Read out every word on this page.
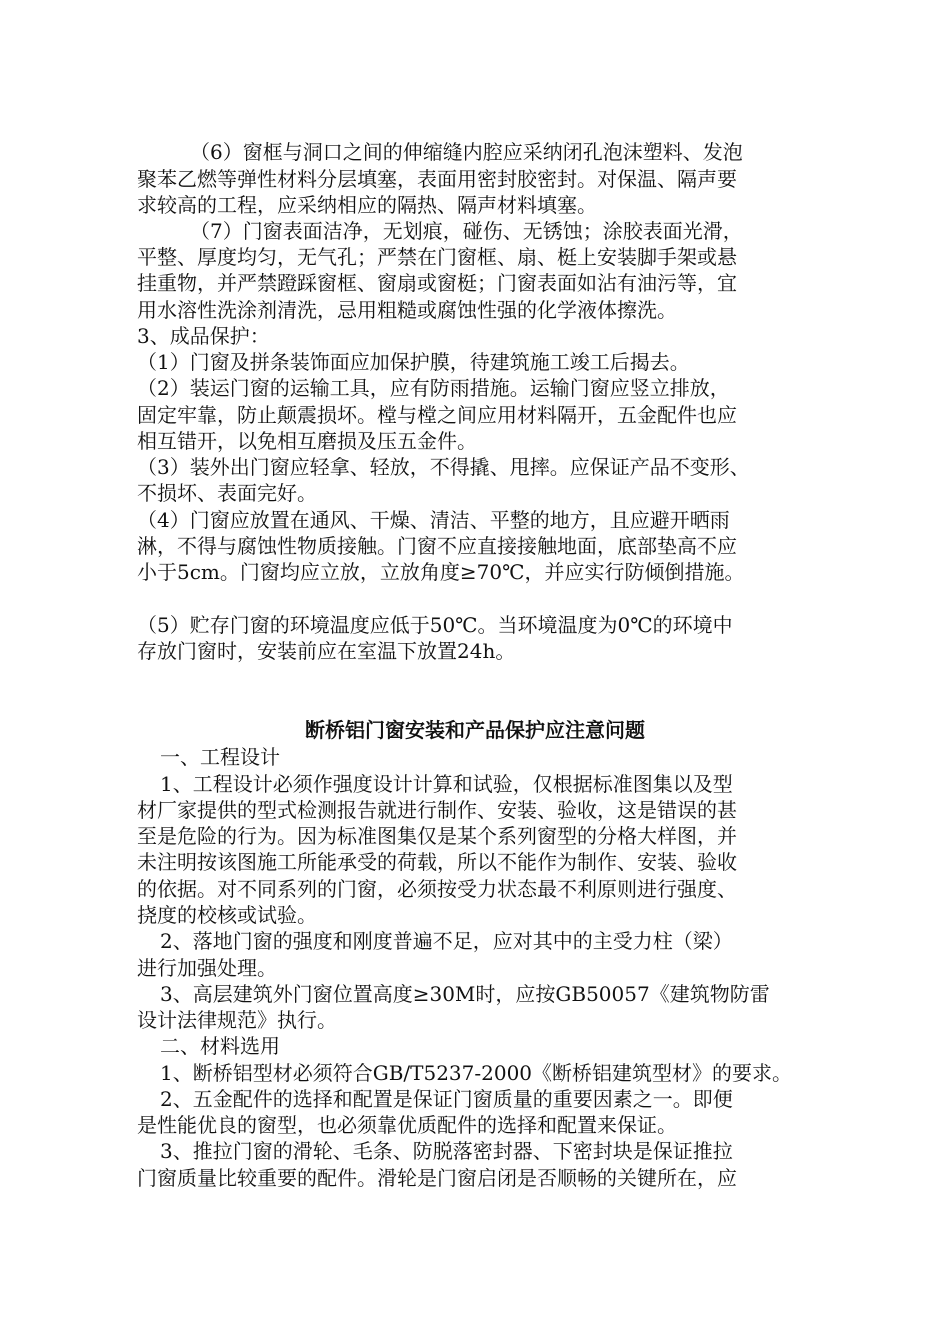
（6）窗框与洞口之间的伸缩缝内腔应采纳闭孔泡沫塑料、发泡
聚苯乙燃等弹性材料分层填塞，表面用密封胶密封。对保温、隔声要
求较高的工程，应采纳相应的隔热、隔声材料填塞。
（7）门窗表面洁净，无划痕，碰伤、无锈蚀；涂胶表面光滑，
平整、厚度均匀，无气孔；严禁在门窗框、扇、梃上安装脚手架或悬
挂重物，并严禁蹬踩窗框、窗扇或窗梃；门窗表面如沾有油污等，宜
用水溶性洗涂剂清洗，忌用粗糙或腐蚀性强的化学液体擦洗。
3、成品保护：
（1）门窗及拼条装饰面应加保护膜，待建筑施工竣工后揭去。
（2）装运门窗的运输工具，应有防雨措施。运输门窗应竖立排放，
固定牢靠，防止颠震损坏。樘与樘之间应用材料隔开，五金配件也应
相互错开，以免相互磨损及压五金件。
（3）装外出门窗应轻拿、轻放，不得撬、甩摔。应保证产品不变形、
不损坏、表面完好。
（4）门窗应放置在通风、干燥、清洁、平整的地方，且应避开晒雨
淋，不得与腐蚀性物质接触。门窗不应直接接触地面，底部垫高不应
小于5cm。门窗均应立放，立放角度≥70℃，并应实行防倾倒措施。
（5）贮存门窗的环境温度应低于50℃。当环境温度为0℃的环境中
存放门窗时，安装前应在室温下放置24h。
断桥铝门窗安装和产品保护应注意问题
一、工程设计
1、工程设计必须作强度设计计算和试验，仅根据标准图集以及型
材厂家提供的型式检测报告就进行制作、安装、验收，这是错误的甚
至是危险的行为。因为标准图集仅是某个系列窗型的分格大样图，并
未注明按该图施工所能承受的荷载，所以不能作为制作、安装、验收
的依据。对不同系列的门窗，必须按受力状态最不利原则进行强度、
挠度的校核或试验。
2、落地门窗的强度和刚度普遍不足，应对其中的主受力柱（梁）
进行加强处理。
3、高层建筑外门窗位置高度≥30M时，应按GB50057《建筑物防雷
设计法律规范》执行。
二、材料选用
1、断桥铝型材必须符合GB/T5237-2000《断桥铝建筑型材》的要求。
2、五金配件的选择和配置是保证门窗质量的重要因素之一。即便
是性能优良的窗型，也必须靠优质配件的选择和配置来保证。
3、推拉门窗的滑轮、毛条、防脱落密封器、下密封块是保证推拉
门窗质量比较重要的配件。滑轮是门窗启闭是否顺畅的关键所在，应
